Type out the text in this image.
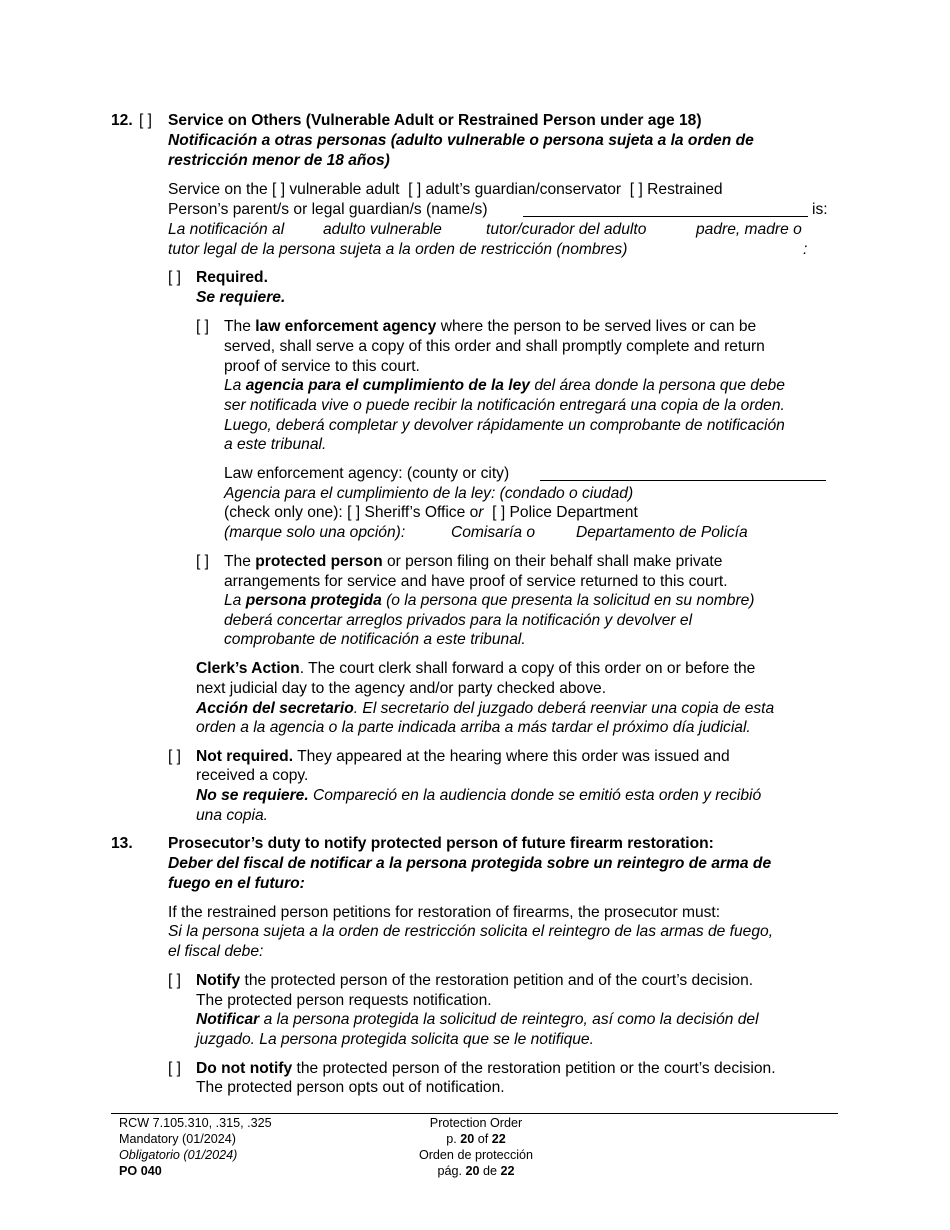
12. [ ] Service on Others (Vulnerable Adult or Restrained Person under age 18)
Notificación a otras personas (adulto vulnerable o persona sujeta a la orden de
restricción menor de 18 años)
Service on the [ ] vulnerable adult [ ] adult’s guardian/conservator [ ] Restrained
Person’s parent/s or legal guardian/s (name/s)	is:
La notificación al adulto vulnerable	tutor/curador del adulto	padre, madre o
tutor legal de la persona sujeta a la orden de restricción (nombres)	:
[ ] Required.
Se requiere.
[ ] The law enforcement agency where the person to be served lives or can be
served, shall serve a copy of this order and shall promptly complete and return
proof of service to this court.
La agencia para el cumplimiento de la ley del área donde la persona que debe
ser notificada vive o puede recibir la notificación entregará una copia de la orden.
Luego, deberá completar y devolver rápidamente un comprobante de notificación
a este tribunal.
Law enforcement agency: (county or city)
Agencia para el cumplimiento de la ley: (condado o ciudad)
(check only one): [ ] Sheriff’s Office or [ ] Police Department
(marque solo una opción):	Comisaría o	Departamento de Policía
[ ] The protected person or person filing on their behalf shall make private
arrangements for service and have proof of service returned to this court.
La persona protegida (o la persona que presenta la solicitud en su nombre)
deberá concertar arreglos privados para la notificación y devolver el
comprobante de notificación a este tribunal.
Clerk’s Action. The court clerk shall forward a copy of this order on or before the
next judicial day to the agency and/or party checked above.
Acción del secretario. El secretario del juzgado deberá reenviar una copia de esta
orden a la agencia o la parte indicada arriba a más tardar el próximo día judicial.
[ ] Not required. They appeared at the hearing where this order was issued and
received a copy.
No se requiere. Compareció en la audiencia donde se emitió esta orden y recibió
una copia.
13. Prosecutor’s duty to notify protected person of future firearm restoration:
Deber del fiscal de notificar a la persona protegida sobre un reintegro de arma de
fuego en el futuro:
If the restrained person petitions for restoration of firearms, the prosecutor must:
Si la persona sujeta a la orden de restricción solicita el reintegro de las armas de fuego,
el fiscal debe:
[ ] Notify the protected person of the restoration petition and of the court’s decision.
The protected person requests notification.
Notificar a la persona protegida la solicitud de reintegro, así como la decisión del
juzgado. La persona protegida solicita que se le notifique.
[ ] Do not notify the protected person of the restoration petition or the court’s decision.
The protected person opts out of notification.
RCW 7.105.310, .315, .325
Mandatory (01/2024)
Obligatorio (01/2024)
PO 040
Protection Order
p. 20 of 22
Orden de protección
pág. 20 de 22
